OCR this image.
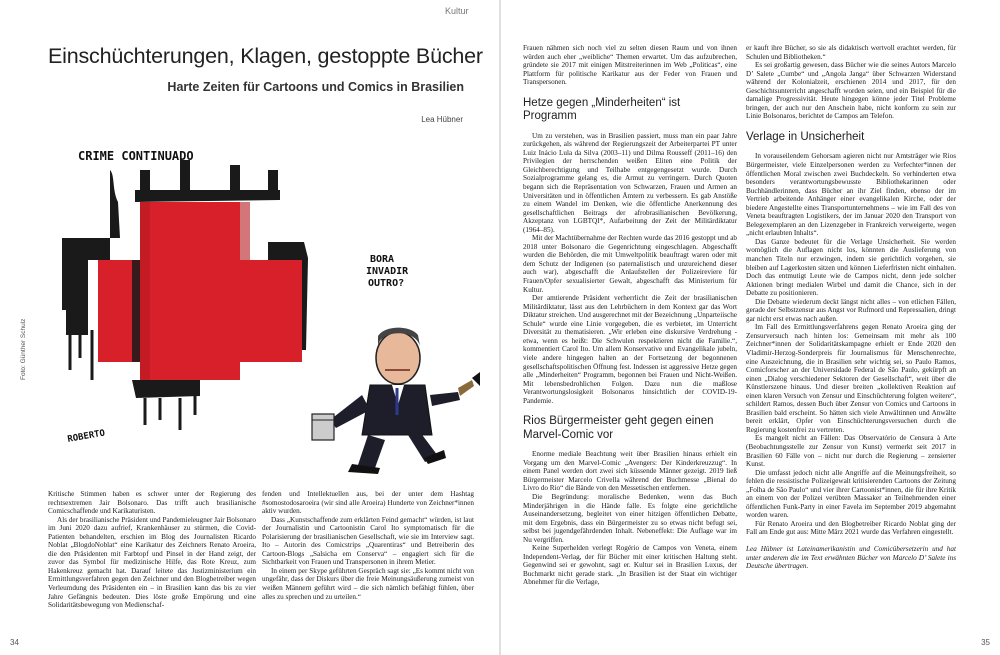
Kultur
Einschüchterungen, Klagen, gestoppte Bücher
Harte Zeiten für Cartoons und Comics in Brasilien
Lea Hübner
Foto: Günther Schulz
CRIME CONTINUADO
BORA INVADIR OUTRO?
ROBERTO

Kritische Stimmen haben es schwer unter der Regierung des rechtsextremen Jair Bolsonaro. Das trifft auch brasilianische Comicschaffende und Karikaturisten.

Als der brasilianische Präsident und Pandemieleugner Jair Bolsonaro im Juni 2020 dazu aufrief, Krankenhäuser zu stürmen, die Covid-Patienten behandelten, erschien im Blog des Journalisten Ricardo Noblat „BlogdoNoblat“ eine Karikatur des Zeichners Renato Aroeira, die den Präsidenten mit Farbtopf und Pinsel in der Hand zeigt, der zuvor das Symbol für medizinische Hilfe, das Rote Kreuz, zum Hakenkreuz gemacht hat. Darauf leitete das Justizministerium ein Ermittlungsverfahren gegen den Zeichner und den Blogbetreiber wegen Verleumdung des Präsidenten ein – in Brasilien kann das bis zu vier Jahre Gefängnis bedeuten. Dies löste große Empörung und eine Solidaritätsbewegung von Medienschaf-

fenden und Intellektuellen aus, bei der unter dem Hashtag #somostodosaroeira (wir sind alle Aroeira) Hunderte von Zeichner*innen aktiv wurden.

Dass „Kunstschaffende zum erklärten Feind gemacht“ würden, ist laut der Journalistin und Cartoonistin Carol Ito symptomatisch für die Polarisierung der brasilianischen Gesellschaft, wie sie im Interview sagt. Ito – Autorin des Comicstrips „Quarentiras“ und Betreiberin des Cartoon-Blogs „Salsicha em Conserva“ – engagiert sich für die Sichtbarkeit von Frauen und Transpersonen in ihrem Metier.

In einem per Skype geführten Gespräch sagt sie: „Es kommt nicht von ungefähr, dass der Diskurs über die freie Meinungsäußerung zumeist von weißen Männern geführt wird – die sich nämlich befähigt fühlen, über alles zu sprechen und zu urteilen.“

Frauen nähmen sich noch viel zu selten diesen Raum und von ihnen würden auch eher „weibliche“ Themen erwartet. Um das aufzubrechen, gründete sie 2017 mit einigen Mitstreiterinnen im Web „Politicas“, eine Plattform für politische Karikatur aus der Feder von Frauen und Transpersonen.

Hetze gegen „Minderheiten“ ist Programm

Um zu verstehen, was in Brasilien passiert, muss man ein paar Jahre zurückgehen, als während der Regierungszeit der Arbeiterpartei PT unter Luiz Inácio Lula da Silva (2003–11) und Dilma Rousseff (2011–16) den Privilegien der herrschenden weißen Eliten eine Politik der Gleichberechtigung und Teilhabe entgegengesetzt wurde. Durch Sozialprogramme gelang es, die Armut zu verringern. Durch Quoten begann sich die Repräsentation von Schwarzen, Frauen und Armen an Universitäten und in öffentlichen Ämtern zu verbessern. Es gab Anstöße zu einem Wandel im Denken, wie die öffentliche Anerkennung des gesellschaftlichen Beitrags der afrobrasilianischen Bevölkerung, Akzeptanz von LGBTQI*, Aufarbeitung der Zeit der Militärdiktatur (1964–85).

Mit der Machtübernahme der Rechten wurde das 2016 gestoppt und ab 2018 unter Bolsonaro die Gegenrichtung eingeschlagen. Abgeschafft wurden die Behörden, die mit Umweltpolitik beauftragt waren oder mit dem Schutz der Indigenen (so paternalistisch und unzureichend dieser auch war), abgeschafft die Anlaufstellen der Polizeireviere für Frauen/Opfer sexualisierter Gewalt, abgeschafft das Ministerium für Kultur.

Der amtierende Präsident verherrlicht die Zeit der brasilianischen Militärdiktatur, lässt aus den Lehrbüchern in dem Kontext gar das Wort Diktatur streichen. Und ausgerechnet mit der Bezeichnung „Unparteiische Schule“ wurde eine Linie vorgegeben, die es verbietet, im Unterricht Diversität zu thematisieren. „Wir erleben eine diskursive Verdrehung - etwa, wenn es heißt: Die Schwulen respektieren nicht die Familie.“, kommentiert Carol Ito. Um allem Konservative und Evangelikale jubeln, viele andere hingegen halten an der Fortsetzung der begonnenen gesellschaftspolitischen Öffnung fest. Indessen ist aggressive Hetze gegen alle „Minderheiten“ Programm, begonnen bei Frauen und Nicht-Weißen. Mit lebensbedrohlichen Folgen. Dazu nun die maßlose Verantwortungslosigkeit Bolsonaros hinsichtlich der COVID-19-Pandemie.

Rios Bürgermeister geht gegen einen Marvel-Comic vor

Enorme mediale Beachtung weit über Brasilien hinaus erhielt ein Vorgang um den Marvel-Comic „Avengers: Der Kinderkreuzzug“. In einem Panel werden dort zwei sich küssende Männer gezeigt. 2019 ließ Bürgermeister Marcelo Crivella während der Buchmesse „Bienal do Livro do Rio“ die Bände von den Messetischen entfernen.

Die Begründung: moralische Bedenken, wenn das Buch Minderjährigen in die Hände falle. Es folgte eine gerichtliche Auseinandersetzung, begleitet von einer hitzigen öffentlichen Debatte, mit dem Ergebnis, dass ein Bürgermeister zu so etwas nicht befugt sei, selbst bei jugendgefährdenden Inhalt. Nebeneffekt: Die Auflage war im Nu vergriffen.

Keine Superhelden verlegt Rogério de Campos von Veneta, einem Independent-Verlag, der für Bücher mit einer kritischen Haltung steht. Gegenwind sei er gewohnt, sagt er. Kultur sei in Brasilien Luxus, der Buchmarkt nicht gerade stark. „In Brasilien ist der Staat ein wichtiger Abnehmer für die Verlage,

er kauft ihre Bücher, so sie als didaktisch wertvoll erachtet werden, für Schulen und Bibliotheken.“

Es sei großartig gewesen, dass Bücher wie die seines Autors Marcelo D’ Salete „Cumbe“ und „Angola Janga“ über Schwarzen Widerstand während der Kolonialzeit, erschienen 2014 und 2017, für den Geschichtsunterricht angeschafft worden seien, und ein Beispiel für die damalige Progressivität. Heute hingegen könne jeder Titel Probleme bringen, der auch nur den Anschein habe, nicht konform zu sein zur Linie Bolsonaros, berichtet de Campos am Telefon.

Verlage in Unsicherheit

In vorauseilendem Gehorsam agieren nicht nur Amtsträger wie Rios Bürgermeister, viele Einzelpersonen werden zu Verfechter*innen der öffentlichen Moral zwischen zwei Buchdeckeln. So verhinderten etwa besonders verantwortungsbewusste Bibliothekarinnen oder Buchhändlerinnen, dass Bücher an ihr Ziel finden, ebenso der im Vertrieb arbeitende Anhänger einer evangelikalen Kirche, oder der biedere Angestellte eines Transportunternehmens – wie im Fall des von Veneta beauftragten Logistikers, der im Januar 2020 den Transport von Belegexemplaren an den Lizenzgeber in Frankreich verweigerte, wegen „nicht erlaubten Inhalts“.

Das Ganze bedeutet für die Verlage Unsicherheit. Sie werden womöglich die Auflagen nicht los, könnten die Auslieferung von manchen Titeln nur erzwingen, indem sie gerichtlich vorgehen, sie bleiben auf Lagerkosten sitzen und können Lieferfristen nicht einhalten. Doch das entmutigt Leute wie de Campos nicht, denn jede solcher Aktionen bringt medialen Wirbel und damit die Chance, sich in der Debatte zu positionieren.

Die Debatte wiederum deckt längst nicht alles – von etlichen Fällen, gerade der Selbstzensur aus Angst vor Rufmord und Repressalien, dringt gar nicht erst etwas nach außen.

Im Fall des Ermittlungsverfahrens gegen Renato Aroeira ging der Zensurversuch nach hinten los: Gemeinsam mit mehr als 100 Zeichner*innen der Solidaritätskampagne erhielt er Ende 2020 den Vladimir-Herzog-Sonderpreis für Journalismus für Menschenrechte, eine Auszeichnung, die in Brasilien sehr wichtig sei, so Paulo Ramos, Comicforscher an der Universidade Federal de São Paulo, gekürpft an einen „Dialog verschiedener Sektoren der Gesellschaft“, weit über die Künstlerszene hinaus. Und dieser breiten „kollektiven Reaktion auf einen klaren Versuch von Zensur und Einschüchterung folgten weitere“, schildert Ramos, dessen Buch über Zensur von Comics und Cartoons in Brasilien bald erscheint. So hätten sich viele Anwältinnen und Anwälte bereit erklärt, Opfer von Einschüchterungsversuchen durch die Regierung kostenfrei zu vertreten.

Es mangelt nicht an Fällen: Das Observatório de Censura à Arte (Beobachtungsstelle zur Zensur von Kunst) vermerkt seit 2017 in Brasilien 60 Fälle von – nicht nur durch die Regierung – zensierter Kunst.

Die umfasst jedoch nicht alle Angriffe auf die Meinungsfreiheit, so fehlen die ressistische Polizeigewalt kritisierenden Cartoons der Zeitung „Folha de São Paulo“ und vier ihrer Cartoonist*innen, die für ihre Kritik an einem von der Polizei verübten Massaker an Teilnehmenden einer öffentlichen Funk-Party in einer Favela im September 2019 abgemahnt worden waren.

Für Renato Aroeira und den Blogbetreiber Ricardo Noblat ging der Fall am Ende gut aus: Mitte März 2021 wurde das Verfahren eingestellt.

Lea Hübner ist Lateinamerikanistin und Comicübersetzerin und hat unter anderem die im Text erwähnten Bücher von Marcelo D’ Salete ins Deutsche übertragen.

34	35
